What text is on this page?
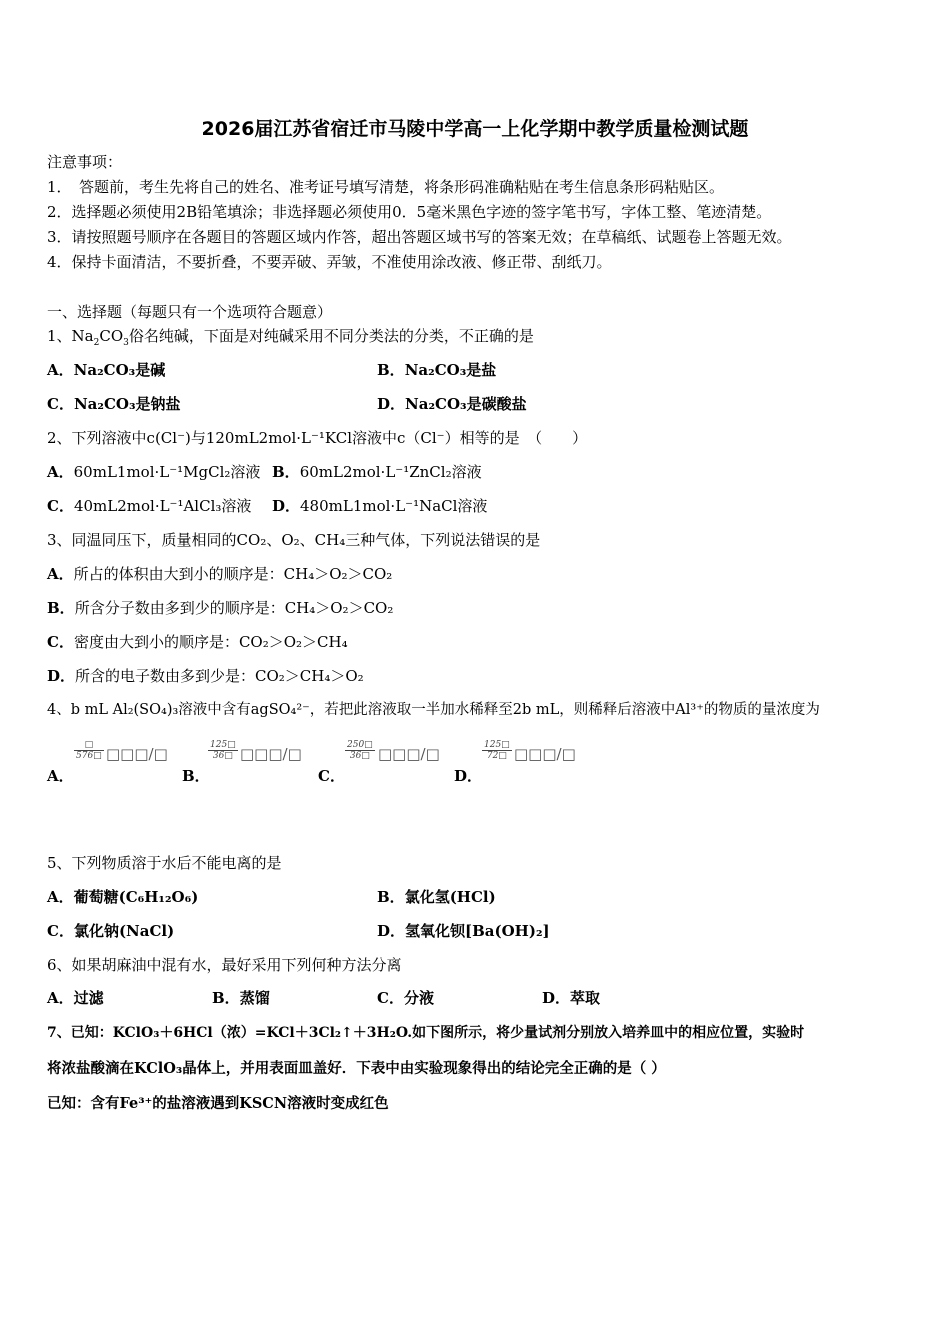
2026届江苏省宿迁市马陵中学高一上化学期中教学质量检测试题
注意事项：
1．　答题前，考生先将自己的姓名、准考证号填写清楚，将条形码准确粘贴在考生信息条形码粘贴区。
2．选择题必须使用2B铅笔填涂；非选择题必须使用0．5毫米黑色字迹的签字笔书写，字体工整、笔迹清楚。
3．请按照题号顺序在各题目的答题区域内作答，超出答题区域书写的答案无效；在草稿纸、试题卷上答题无效。
4．保持卡面清洁，不要折叠，不要弄破、弄皱，不准使用涂改液、修正带、刮纸刀。
一、选择题（每题只有一个选项符合题意）
1、$Na_2CO_3$俗名纯碱，下面是对纯碱采用不同分类法的分类，不正确的是
A．Na₂CO₃是碱	B．Na₂CO₃是盐
C．Na₂CO₃是钠盐	D．Na₂CO₃是碳酸盐
2、下列溶液中c(Cl⁻)与120mL2mol·L⁻¹KCl溶液中c（Cl⁻）相等的是　（　　）
A．60mL1mol·L⁻¹MgCl₂溶液 B．60mL2mol·L⁻¹ZnCl₂溶液
C．40mL2mol·L⁻¹AlCl₃溶液 D．480mL1mol·L⁻¹NaCl溶液
3、同温同压下，质量相同的CO₂、O₂、CH₄三种气体，下列说法错误的是
A．所占的体积由大到小的顺序是：CH₄＞O₂＞CO₂
B．所含分子数由多到少的顺序是：CH₄＞O₂＞CO₂
C．密度由大到小的顺序是：CO₂＞O₂＞CH₄
D．所含的电子数由多到少是：CO₂＞CH₄＞O₂
4、b mL Al₂(SO₄)₃溶液中含有agSO₄²⁻，若把此溶液取一半加水稀释至2b mL，则稀释后溶液中Al³⁺的物质的量浓度为
A．
□
576□ □□□/□
B．
$\frac{125□}{36□}$ □□□/□
C．
$\frac{250□}{36□}$ □□□/□
D．
$\frac{125□}{72□}$ □□□/□
5、下列物质溶于水后不能电离的是
A．葡萄糖(C₆H₁₂O₆)	B．氯化氢(HCl)
C．氯化钠(NaCl)	D．氢氧化钡[Ba(OH)₂]
6、如果胡麻油中混有水，最好采用下列何种方法分离
A．过滤	B．蒸馏	C．分液	D．萃取
7、已知：KClO₃＋6HCl（浓）=KCl＋3Cl₂↑＋3H₂O.如下图所示，将少量试剂分别放入培养皿中的相应位置，实验时
将浓盐酸滴在KClO₃晶体上，并用表面皿盖好．下表中由实验现象得出的结论完全正确的是（ ）
已知：含有Fe³⁺的盐溶液遇到KSCN溶液时变成红色
